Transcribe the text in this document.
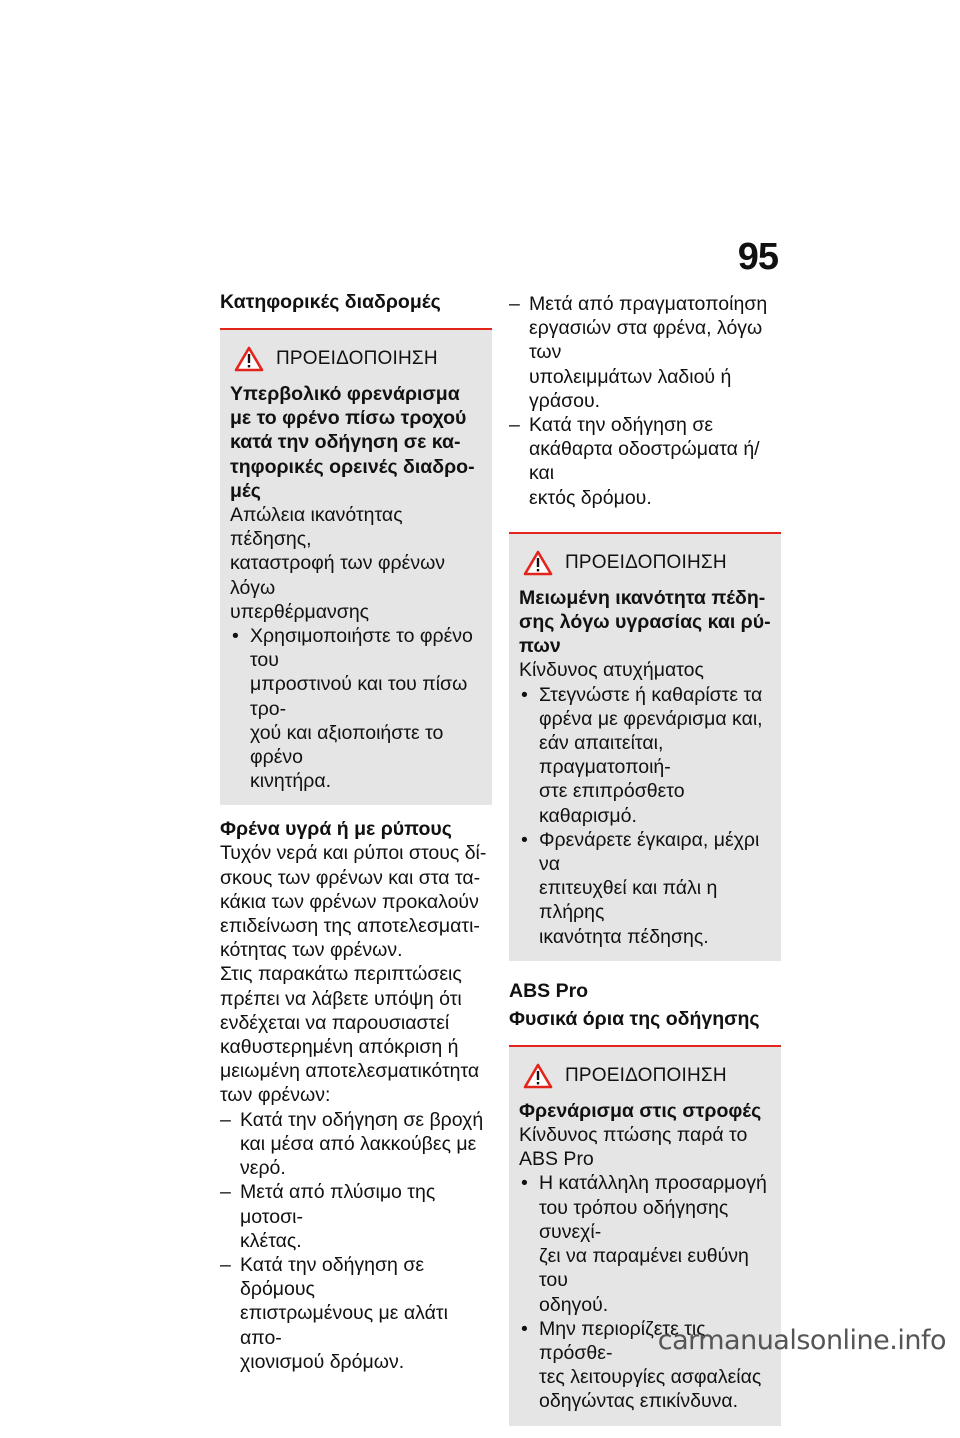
95
Κατηφορικές διαδρομές
ΠΡΟΕΙΔΟΠΟΙΗΣΗ
Υπερβολικό φρενάρισμα
με το φρένο πίσω τροχού
κατά την οδήγηση σε κα-
τηφορικές ορεινές διαδρο-
μές
Απώλεια ικανότητας πέδησης,
καταστροφή των φρένων λόγω
υπερθέρμανσης
• Χρησιμοποιήστε το φρένο του
μπροστινού και του πίσω τρο-
χού και αξιοποιήστε το φρένο
κινητήρα.
Φρένα υγρά ή με ρύπους
Τυχόν νερά και ρύποι στους δί-
σκους των φρένων και στα τα-
κάκια των φρένων προκαλούν
επιδείνωση της αποτελεσματι-
κότητας των φρένων.
Στις παρακάτω περιπτώσεις
πρέπει να λάβετε υπόψη ότι
ενδέχεται να παρουσιαστεί
καθυστερημένη απόκριση ή
μειωμένη αποτελεσματικότητα
των φρένων:
– Κατά την οδήγηση σε βροχή
και μέσα από λακκούβες με
νερό.
– Μετά από πλύσιμο της μοτοσι-
κλέτας.
– Κατά την οδήγηση σε δρόμους
επιστρωμένους με αλάτι απο-
χιονισμού δρόμων.
– Μετά από πραγματοποίηση
εργασιών στα φρένα, λόγω των
υπολειμμάτων λαδιού ή γράσου.
– Κατά την οδήγηση σε
ακάθαρτα οδοστρώματα ή/και
εκτός δρόμου.
ΠΡΟΕΙΔΟΠΟΙΗΣΗ
Μειωμένη ικανότητα πέδη-
σης λόγω υγρασίας και ρύ-
πων
Κίνδυνος ατυχήματος
• Στεγνώστε ή καθαρίστε τα
φρένα με φρενάρισμα και,
εάν απαιτείται, πραγματοποιή-
στε επιπρόσθετο καθαρισμό.
• Φρενάρετε έγκαιρα, μέχρι να
επιτευχθεί και πάλι η πλήρης
ικανότητα πέδησης.
ABS Pro
Φυσικά όρια της οδήγησης
ΠΡΟΕΙΔΟΠΟΙΗΣΗ
Φρενάρισμα στις στροφές
Κίνδυνος πτώσης παρά το
ABS Pro
• Η κατάλληλη προσαρμογή
του τρόπου οδήγησης συνεχί-
ζει να παραμένει ευθύνη του
οδηγού.
• Μην περιορίζετε τις πρόσθε-
τες λειτουργίες ασφαλείας
οδηγώντας επικίνδυνα.
carmanualsonline.info
